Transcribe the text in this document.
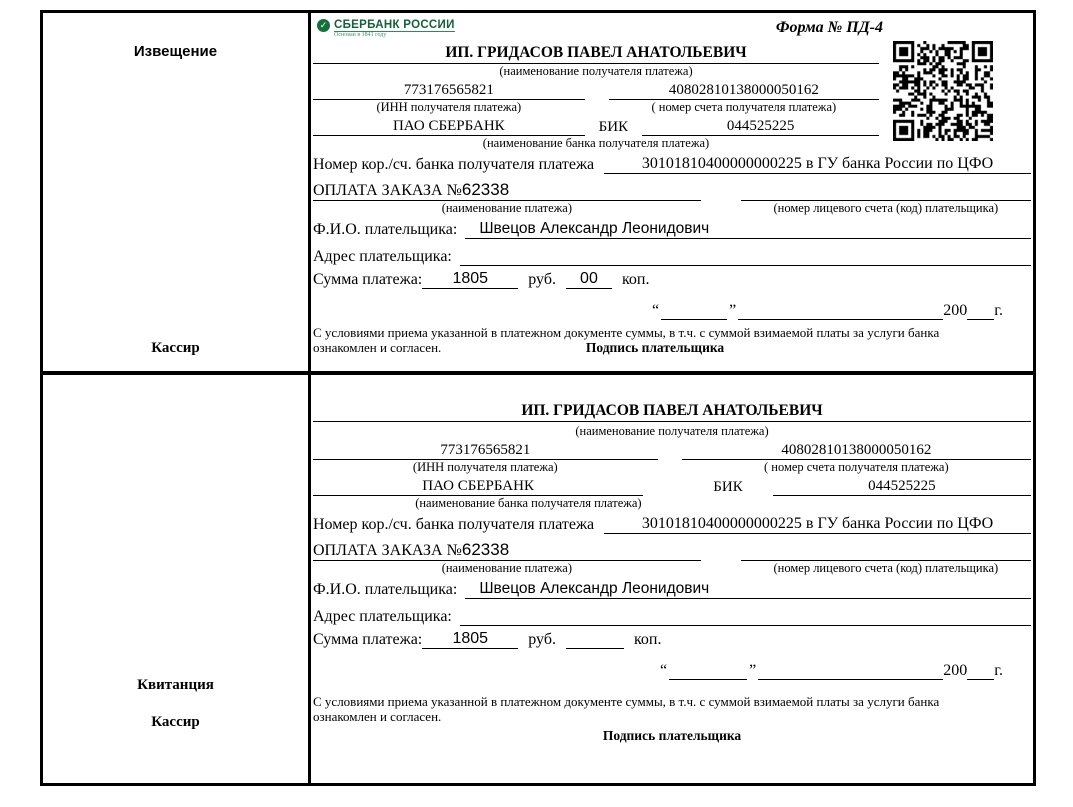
Извещение
Кассир
✓ СБЕРБАНК РОССИИ
Основан в 1841 году	Форма № ПД-4
ИП. ГРИДАСОВ ПАВЕЛ АНАТОЛЬЕВИЧ
(наименование получателя платежа)
773176565821	40802810138000050162
(ИНН получателя платежа)	( номер счета получателя платежа)
ПАО СБЕРБАНК	БИК	044525225
(наименование банка получателя платежа)
Номер кор./сч. банка получателя платежа	30101810400000000225 в ГУ банка России по ЦФО
ОПЛАТА ЗАКАЗА №62338
(наименование платежа)	(номер лицевого счета (код) плательщика)
Ф.И.О. плательщика:	Швецов Александр Леонидович
Адрес плательщика:
Сумма платежа:	1805	руб.	00	коп.
“	”	200 г.
С условиями приема указанной в платежном документе суммы, в т.ч. с суммой взимаемой платы за услуги банка
ознакомлен и согласен.	Подпись плательщика
Квитанция
Кассир
ИП. ГРИДАСОВ ПАВЕЛ АНАТОЛЬЕВИЧ
(наименование получателя платежа)
773176565821	40802810138000050162
(ИНН получателя платежа)	( номер счета получателя платежа)
ПАО СБЕРБАНК	БИК	044525225
(наименование банка получателя платежа)
Номер кор./сч. банка получателя платежа	30101810400000000225 в ГУ банка России по ЦФО
ОПЛАТА ЗАКАЗА №62338
(наименование платежа)	(номер лицевого счета (код) плательщика)
Ф.И.О. плательщика:	Швецов Александр Леонидович
Адрес плательщика:
Сумма платежа:	1805	руб.	коп.
“	”	200 г.
С условиями приема указанной в платежном документе суммы, в т.ч. с суммой взимаемой платы за услуги банка
ознакомлен и согласен.
Подпись плательщика
